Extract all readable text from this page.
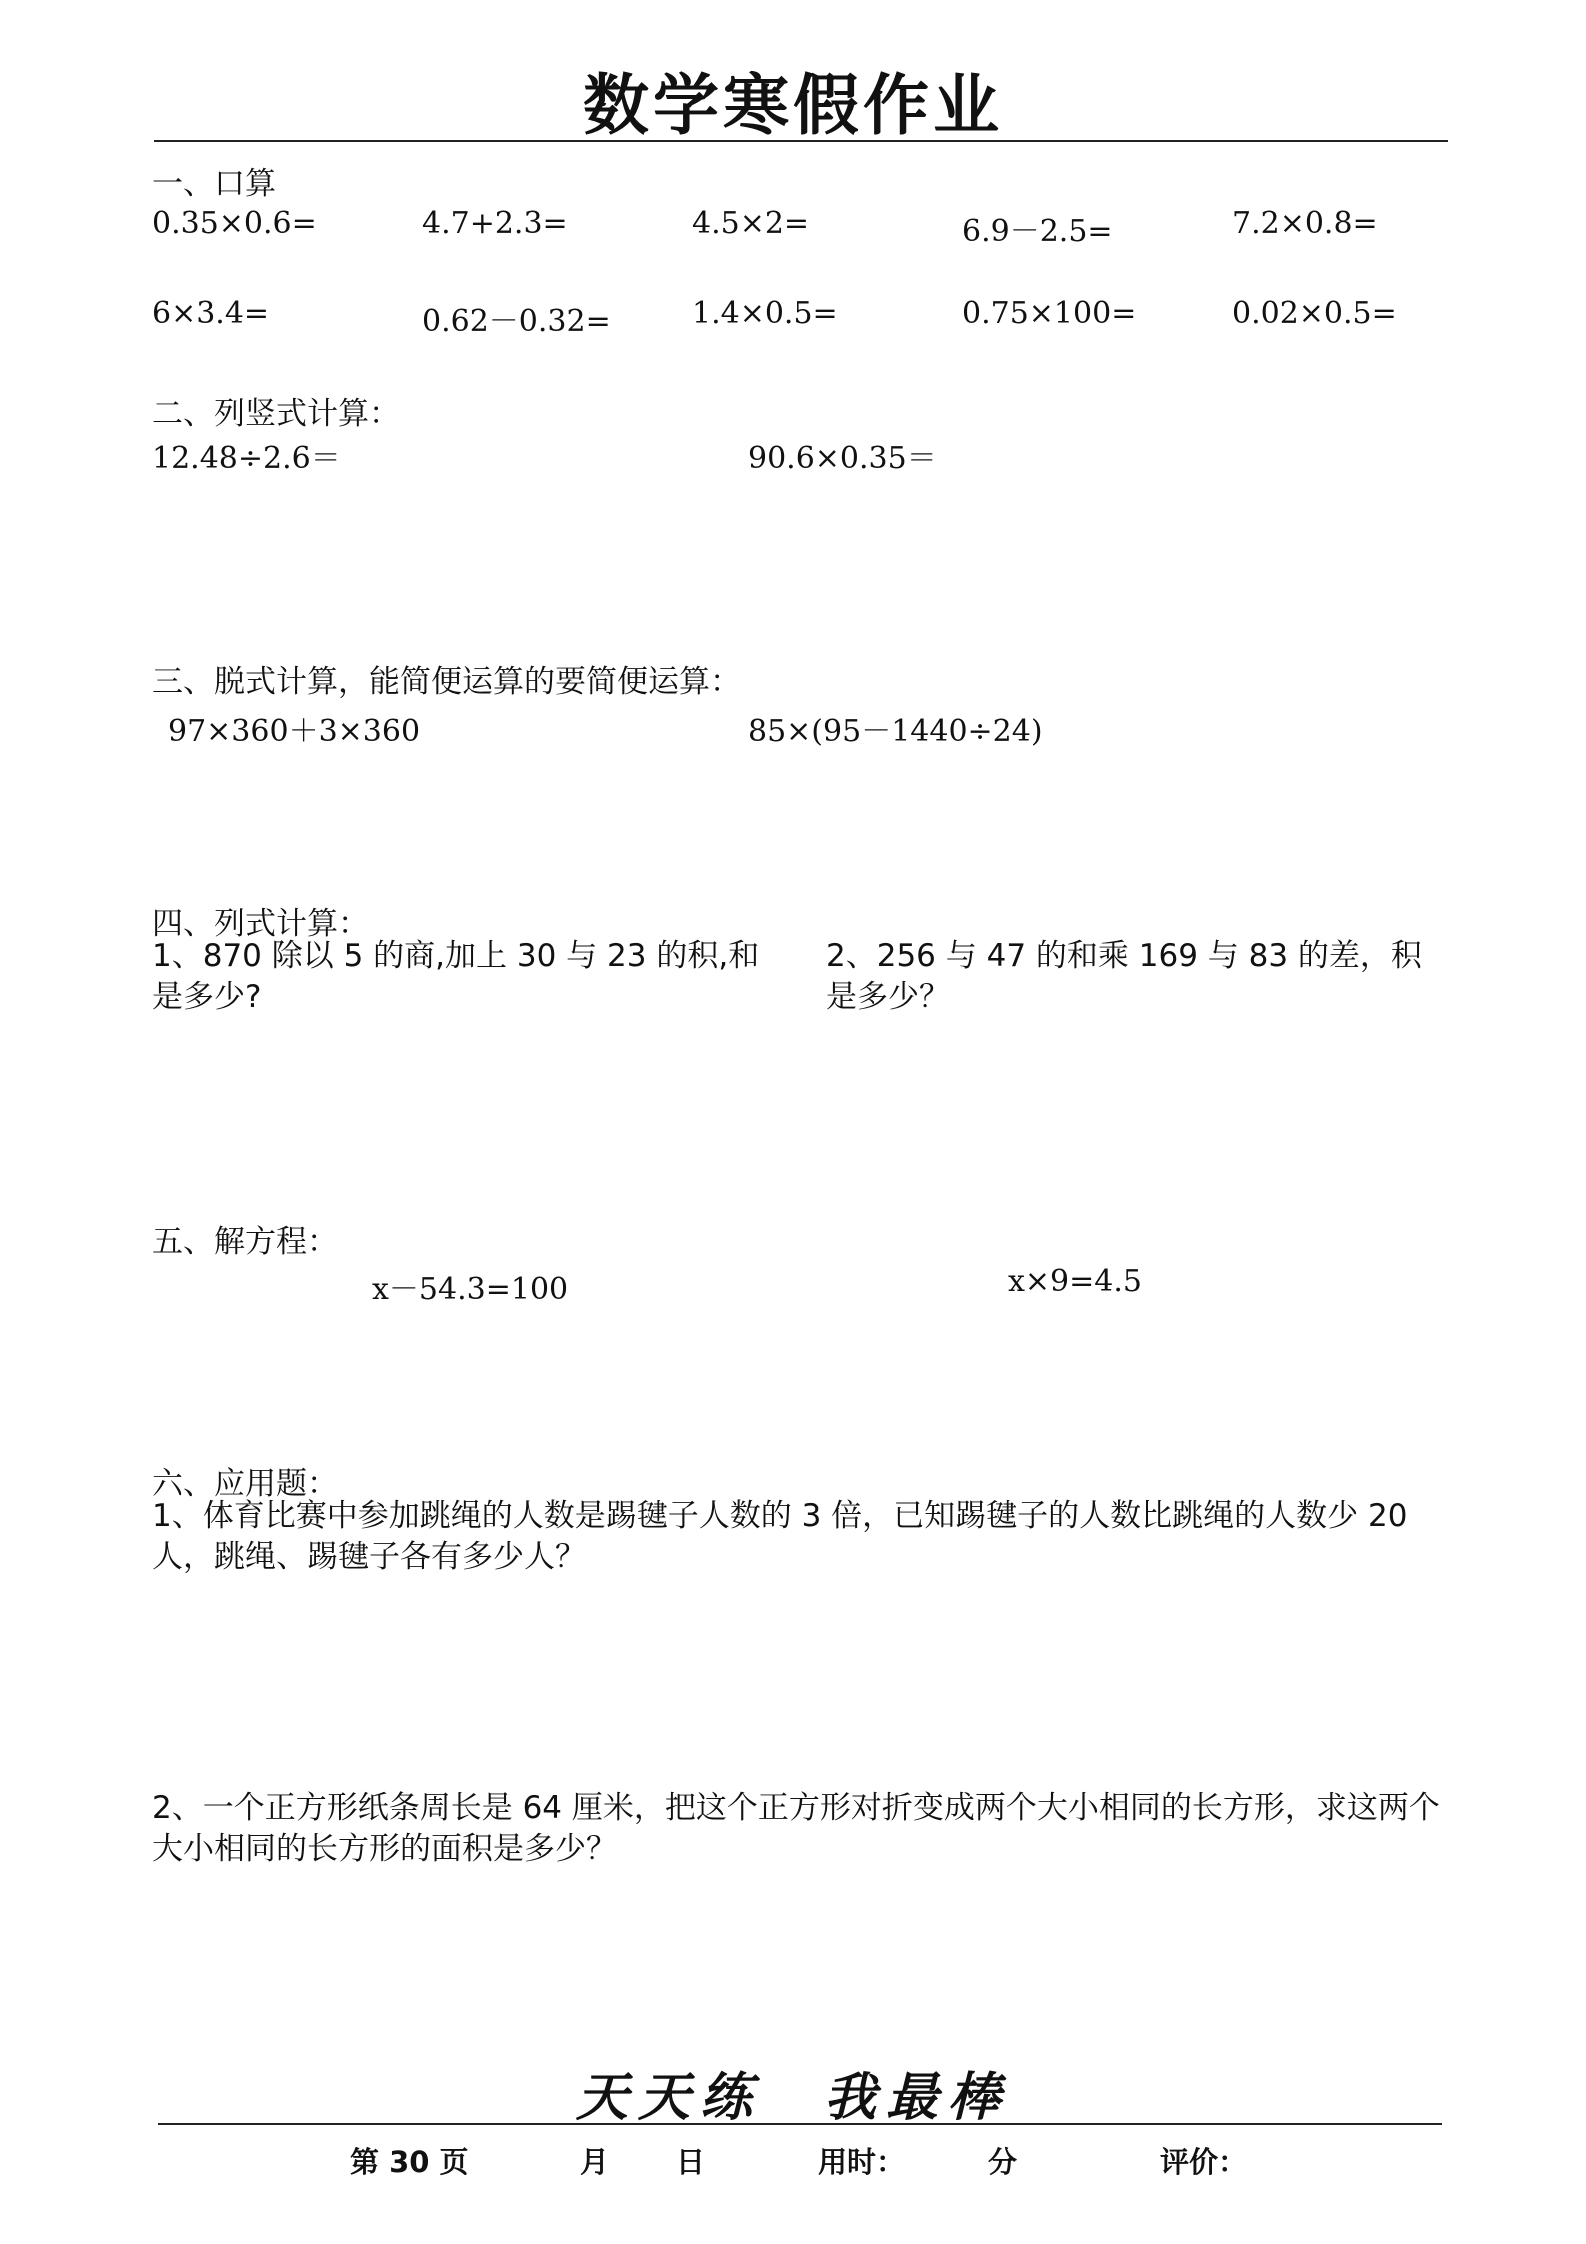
数学寒假作业
一、口算
0.35×0.6=	4.7+2.3=	4.5×2=	6.9－2.5=	7.2×0.8=
6×3.4=	0.62－0.32=	1.4×0.5=	0.75×100=	0.02×0.5=
二、列竖式计算：
12.48÷2.6＝	90.6×0.35＝
三、脱式计算，能简便运算的要简便运算：
97×360＋3×360	85×(95－1440÷24)
四、列式计算：
1、870 除以 5 的商,加上 30 与 23 的积,和是多少?
2、256 与 47 的和乘 169 与 83 的差，积是多少？
五、解方程：
x－54.3=100	x×9=4.5
六、应用题：
1、体育比赛中参加跳绳的人数是踢毽子人数的 3 倍，已知踢毽子的人数比跳绳的人数少 20 人，跳绳、踢毽子各有多少人？
2、一个正方形纸条周长是 64 厘米，把这个正方形对折变成两个大小相同的长方形，求这两个大小相同的长方形的面积是多少？
天天练　我最棒
第 30 页	月 日	用时：	分	评价：
